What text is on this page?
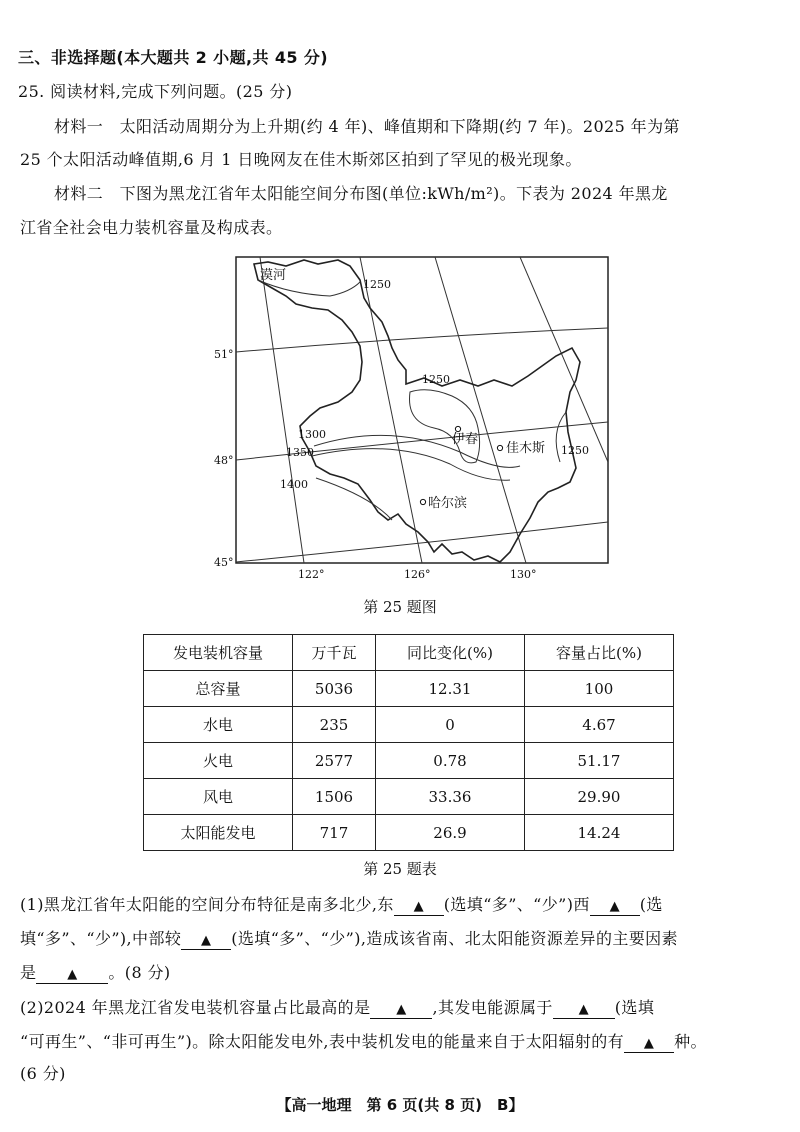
三、非选择题(本大题共 2 小题,共 45 分)
25. 阅读材料,完成下列问题。(25 分)
材料一　太阳活动周期分为上升期(约 4 年)、峰值期和下降期(约 7 年)。2025 年为第
25 个太阳活动峰值期,6 月 1 日晚网友在佳木斯郊区拍到了罕见的极光现象。
材料二　下图为黑龙江省年太阳能空间分布图(单位:kWh/m²)。下表为 2024 年黑龙
江省全社会电力装机容量及构成表。
漠河
伊春
佳木斯
哈尔滨
1250
1250
1250
1300
1350
1400
51°
48°
45°
122°	126°	130°
第 25 题图
发电装机容量	万千瓦	同比变化(%)	容量占比(%)
总容量	5036	12.31	100
水电	235	0	4.67
火电	2577	0.78	51.17
风电	1506	33.36	29.90
太阳能发电	717	26.9	14.24
第 25 题表
(1)黑龙江省年太阳能的空间分布特征是南多北少,东 ▲ (选填“多”、“少”)西 ▲ (选
填“多”、“少”),中部较 ▲ (选填“多”、“少”),造成该省南、北太阳能资源差异的主要因素
是 ▲ 。(8 分)
(2)2024 年黑龙江省发电装机容量占比最高的是 ▲ ,其发电能源属于 ▲ (选填
“可再生”、“非可再生”)。除太阳能发电外,表中装机发电的能量来自于太阳辐射的有 ▲ 种。
(6 分)
【高一地理　第 6 页(共 8 页)　B】
